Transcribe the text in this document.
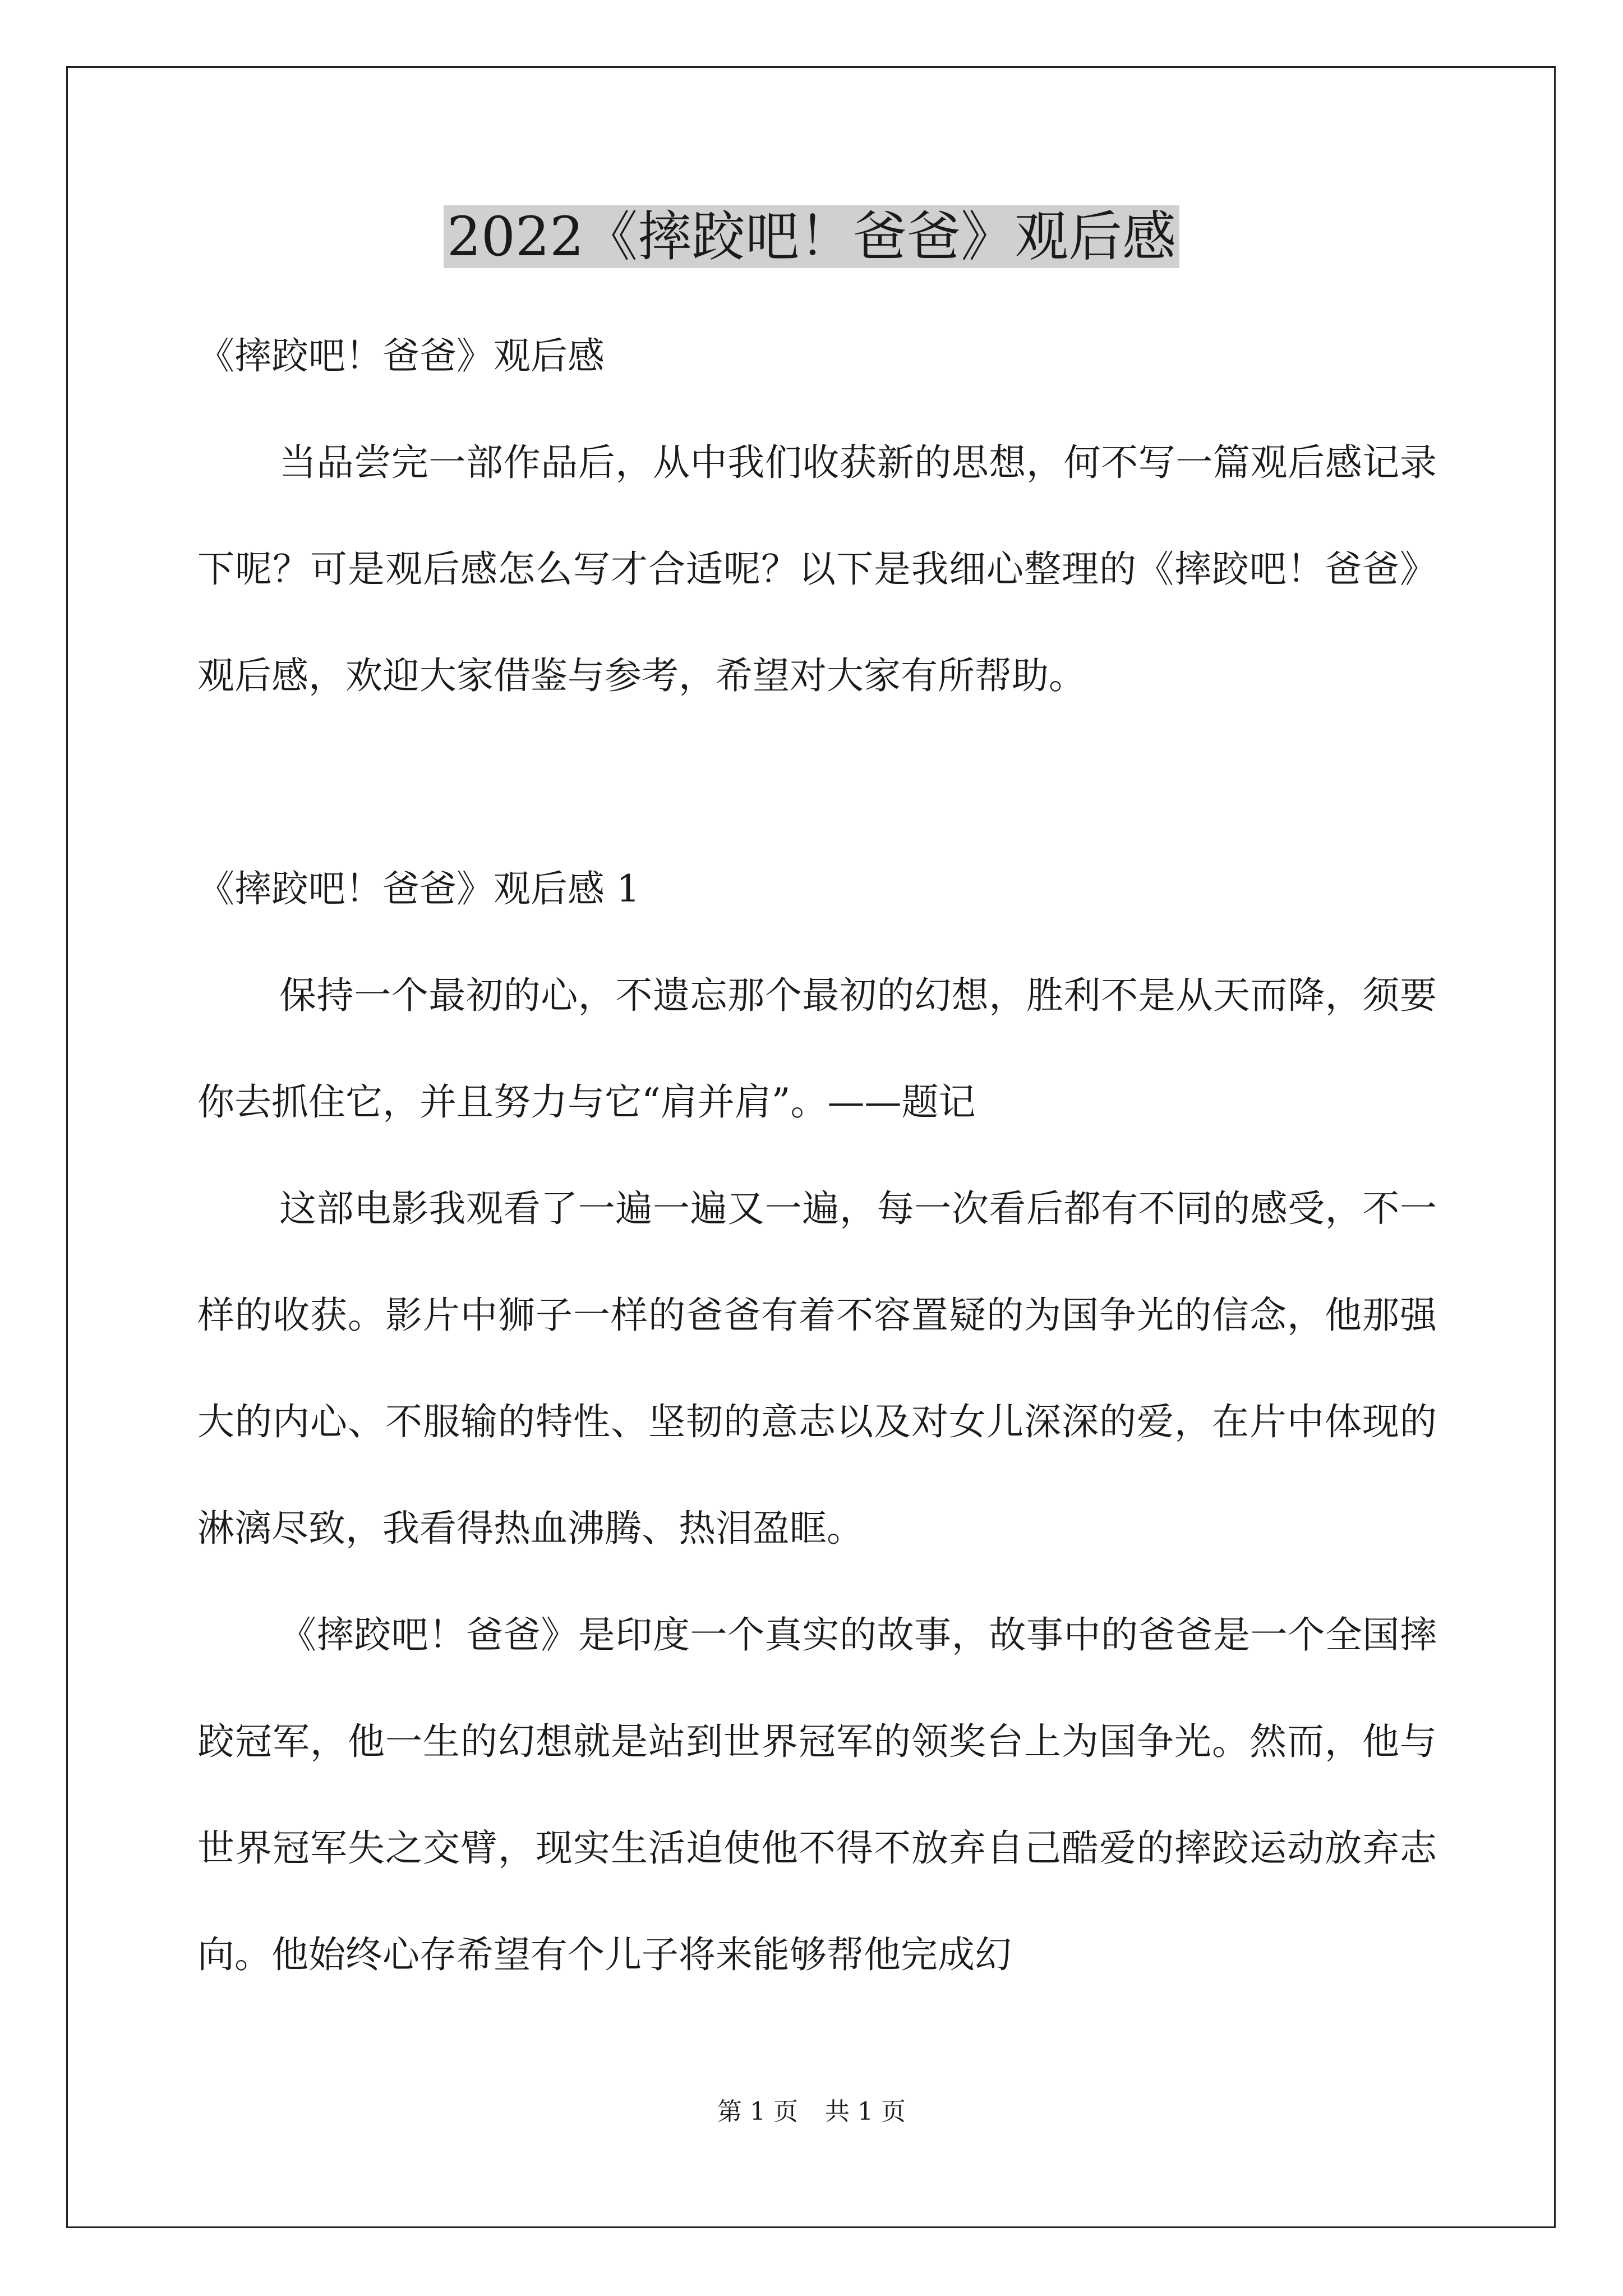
2022《摔跤吧！爸爸》观后感

《摔跤吧！爸爸》观后感

当品尝完一部作品后，从中我们收获新的思想，何不写一篇观后感记录下呢？可是观后感怎么写才合适呢？以下是我细心整理的《摔跤吧！爸爸》观后感，欢迎大家借鉴与参考，希望对大家有所帮助。

《摔跤吧！爸爸》观后感 1

保持一个最初的心，不遗忘那个最初的幻想，胜利不是从天而降，须要你去抓住它，并且努力与它“肩并肩”。——题记

这部电影我观看了一遍一遍又一遍，每一次看后都有不同的感受，不一样的收获。影片中狮子一样的爸爸有着不容置疑的为国争光的信念，他那强大的内心、不服输的特性、坚韧的意志以及对女儿深深的爱，在片中体现的淋漓尽致，我看得热血沸腾、热泪盈眶。

《摔跤吧！爸爸》是印度一个真实的故事，故事中的爸爸是一个全国摔跤冠军，他一生的幻想就是站到世界冠军的领奖台上为国争光。然而，他与世界冠军失之交臂，现实生活迫使他不得不放弃自己酷爱的摔跤运动放弃志向。他始终心存希望有个儿子将来能够帮他完成幻

第 1 页 共 1 页
